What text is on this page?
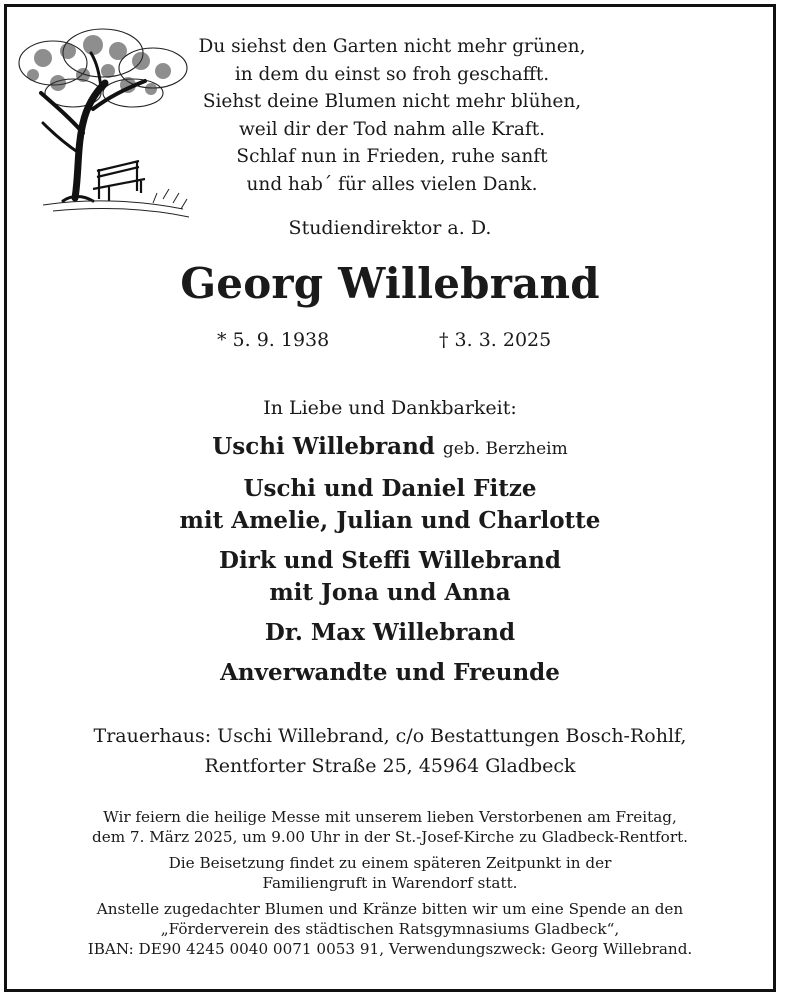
Du siehst den Garten nicht mehr grünen,
in dem du einst so froh geschafft.
Siehst deine Blumen nicht mehr blühen,
weil dir der Tod nahm alle Kraft.
Schlaf nun in Frieden, ruhe sanft
und hab´ für alles vielen Dank.
Studiendirektor a. D.
Georg Willebrand
* 5. 9. 1938	† 3. 3. 2025
In Liebe und Dankbarkeit:
Uschi Willebrand geb. Berzheim
Uschi und Daniel Fitze
mit Amelie, Julian und Charlotte
Dirk und Steffi Willebrand
mit Jona und Anna
Dr. Max Willebrand
Anverwandte und Freunde
Trauerhaus: Uschi Willebrand, c/o Bestattungen Bosch-Rohlf,
Rentforter Straße 25, 45964 Gladbeck
Wir feiern die heilige Messe mit unserem lieben Verstorbenen am Freitag,
dem 7. März 2025, um 9.00 Uhr in der St.-Josef-Kirche zu Gladbeck-Rentfort.
Die Beisetzung findet zu einem späteren Zeitpunkt in der
Familiengruft in Warendorf statt.
Anstelle zugedachter Blumen und Kränze bitten wir um eine Spende an den
„Förderverein des städtischen Ratsgymnasiums Gladbeck“,
IBAN: DE90 4245 0040 0071 0053 91, Verwendungszweck: Georg Willebrand.
